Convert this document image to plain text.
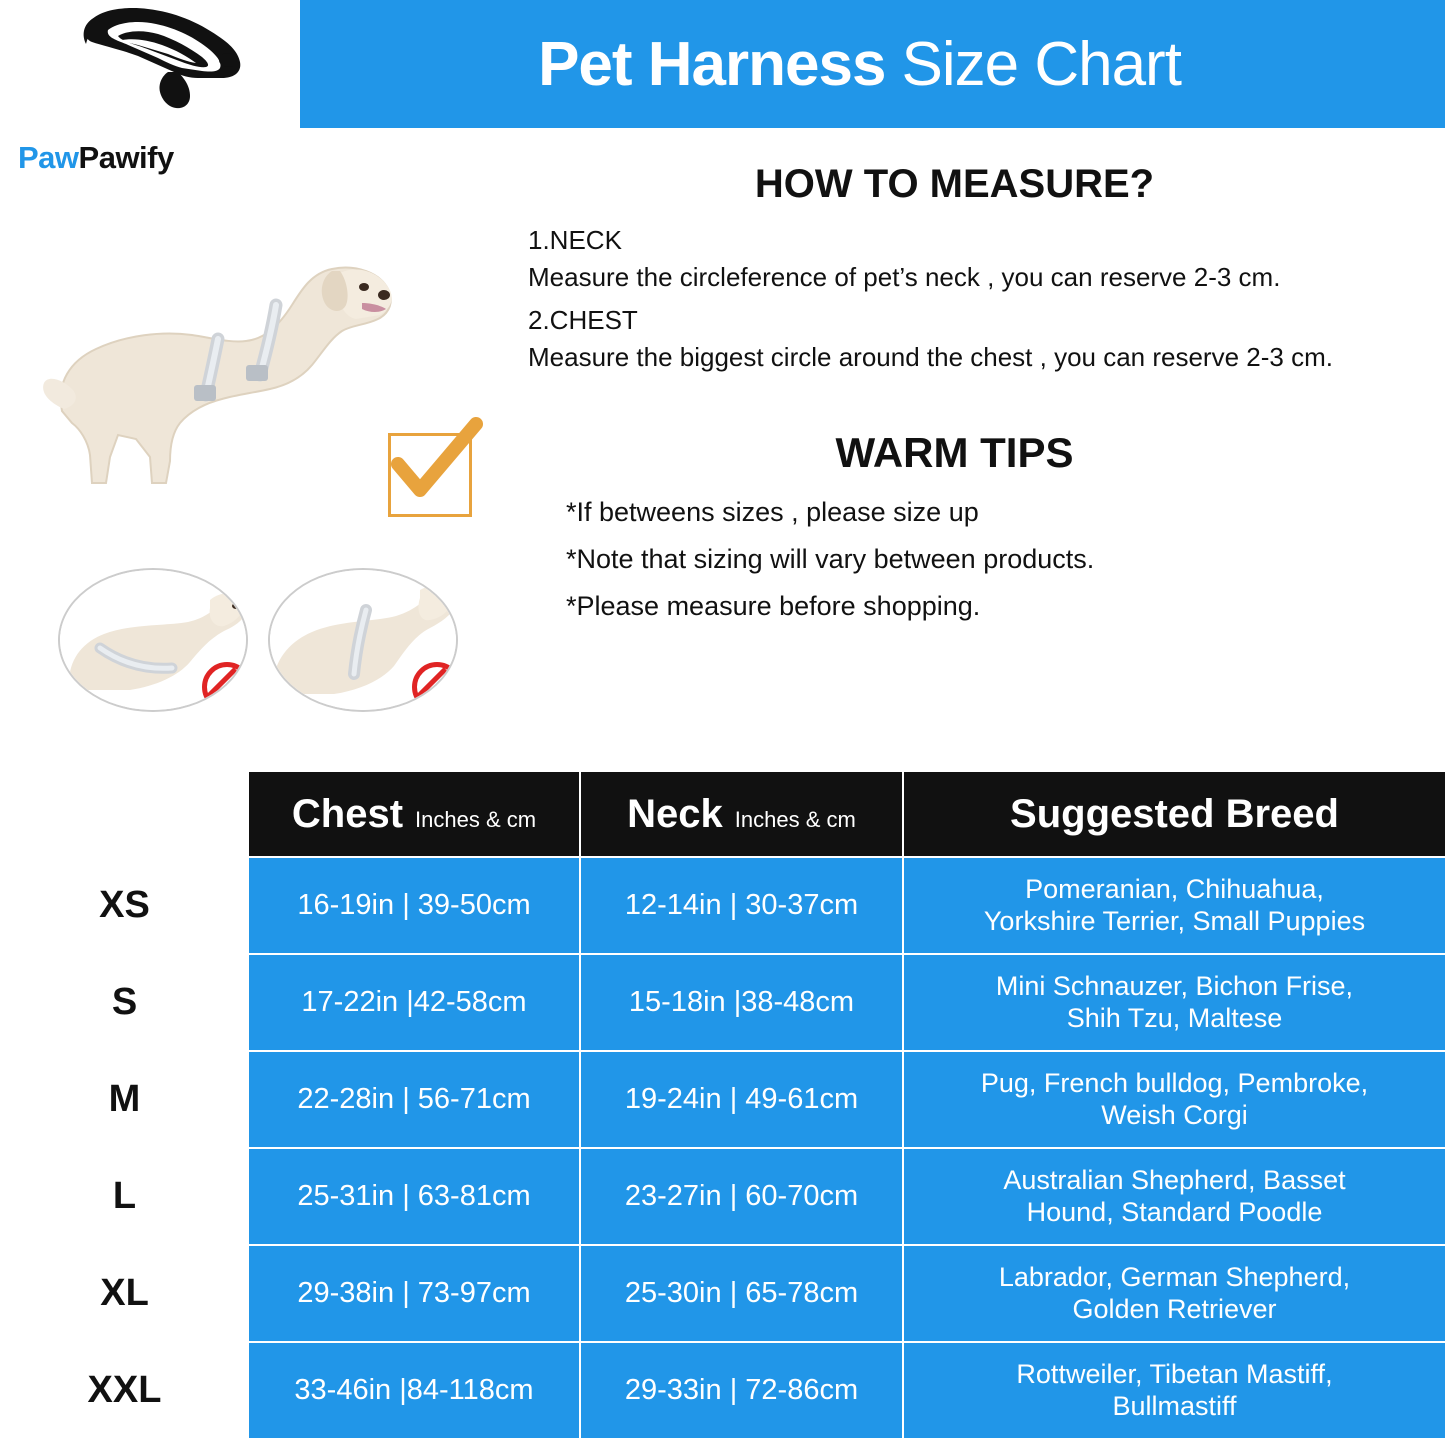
PawPawify
Pet Harness Size Chart
HOW TO MEASURE?
1.NECK
Measure the circleference of pet’s neck , you can reserve 2-3 cm.
2.CHEST
Measure the biggest circle around the chest , you can reserve 2-3 cm.
WARM TIPS
*If betweens sizes , please size up
*Note that sizing will vary between products.
*Please measure before shopping.
	Chest Inches & cm	Neck Inches & cm	Suggested Breed
XS	16-19in | 39-50cm	12-14in | 30-37cm	Pomeranian, Chihuahua,
Yorkshire Terrier, Small Puppies

S	17-22in |42-58cm	15-18in |38-48cm	Mini Schnauzer, Bichon Frise,
Shih Tzu, Maltese

M	22-28in | 56-71cm	19-24in | 49-61cm	Pug, French bulldog, Pembroke,
Weish Corgi

L	25-31in | 63-81cm	23-27in | 60-70cm	Australian Shepherd, Basset
Hound, Standard Poodle

XL	29-38in | 73-97cm	25-30in | 65-78cm	Labrador, German Shepherd,
Golden Retriever

XXL	33-46in |84-118cm	29-33in | 72-86cm	Rottweiler, Tibetan Mastiff,
Bullmastiff
